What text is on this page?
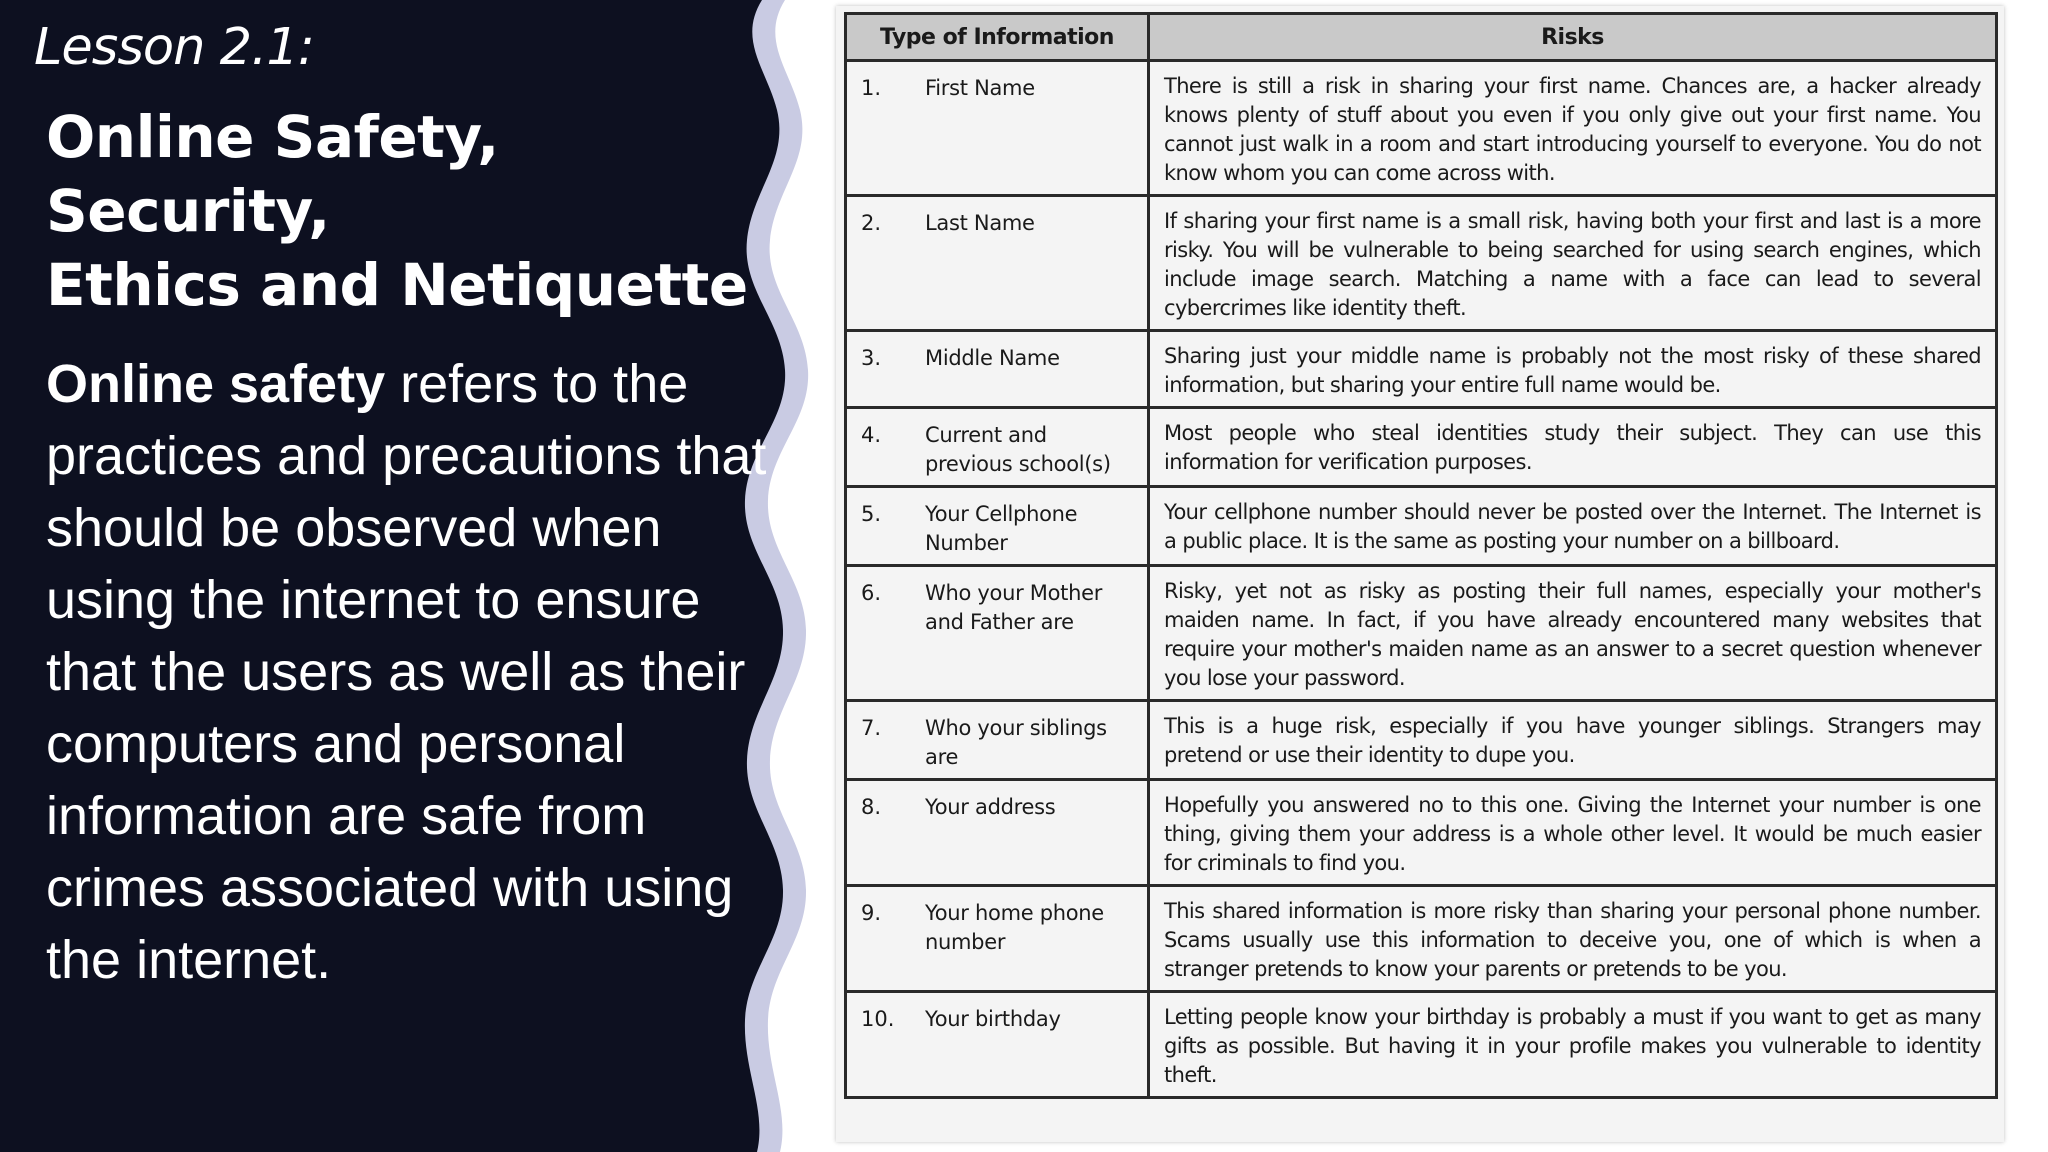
Lesson 2.1:

Online Safety, Security,
Ethics and Netiquette

Online safety refers to the practices and precautions that should be observed when using the internet to ensure that the users as well as their computers and personal information are safe from crimes associated with using the internet.

Type of Information	Risks
1. First Name	There is still a risk in sharing your first name. Chances are, a hacker already knows plenty of stuff about you even if you only give out your first name. You cannot just walk in a room and start introducing yourself to everyone. You do not know whom you can come across with.
2. Last Name	If sharing your first name is a small risk, having both your first and last is a more risky. You will be vulnerable to being searched for using search engines, which include image search. Matching a name with a face can lead to several cybercrimes like identity theft.
3. Middle Name	Sharing just your middle name is probably not the most risky of these shared information, but sharing your entire full name would be.
4. Current and previous school(s)	Most people who steal identities study their subject. They can use this information for verification purposes.
5. Your Cellphone Number	Your cellphone number should never be posted over the Internet. The Internet is a public place. It is the same as posting your number on a billboard.
6. Who your Mother and Father are	Risky, yet not as risky as posting their full names, especially your mother's maiden name. In fact, if you have already encountered many websites that require your mother's maiden name as an answer to a secret question whenever you lose your password.
7. Who your siblings are	This is a huge risk, especially if you have younger siblings. Strangers may pretend or use their identity to dupe you.
8. Your address	Hopefully you answered no to this one. Giving the Internet your number is one thing, giving them your address is a whole other level. It would be much easier for criminals to find you.
9. Your home phone number	This shared information is more risky than sharing your personal phone number. Scams usually use this information to deceive you, one of which is when a stranger pretends to know your parents or pretends to be you.
10. Your birthday	Letting people know your birthday is probably a must if you want to get as many gifts as possible. But having it in your profile makes you vulnerable to identity theft.
